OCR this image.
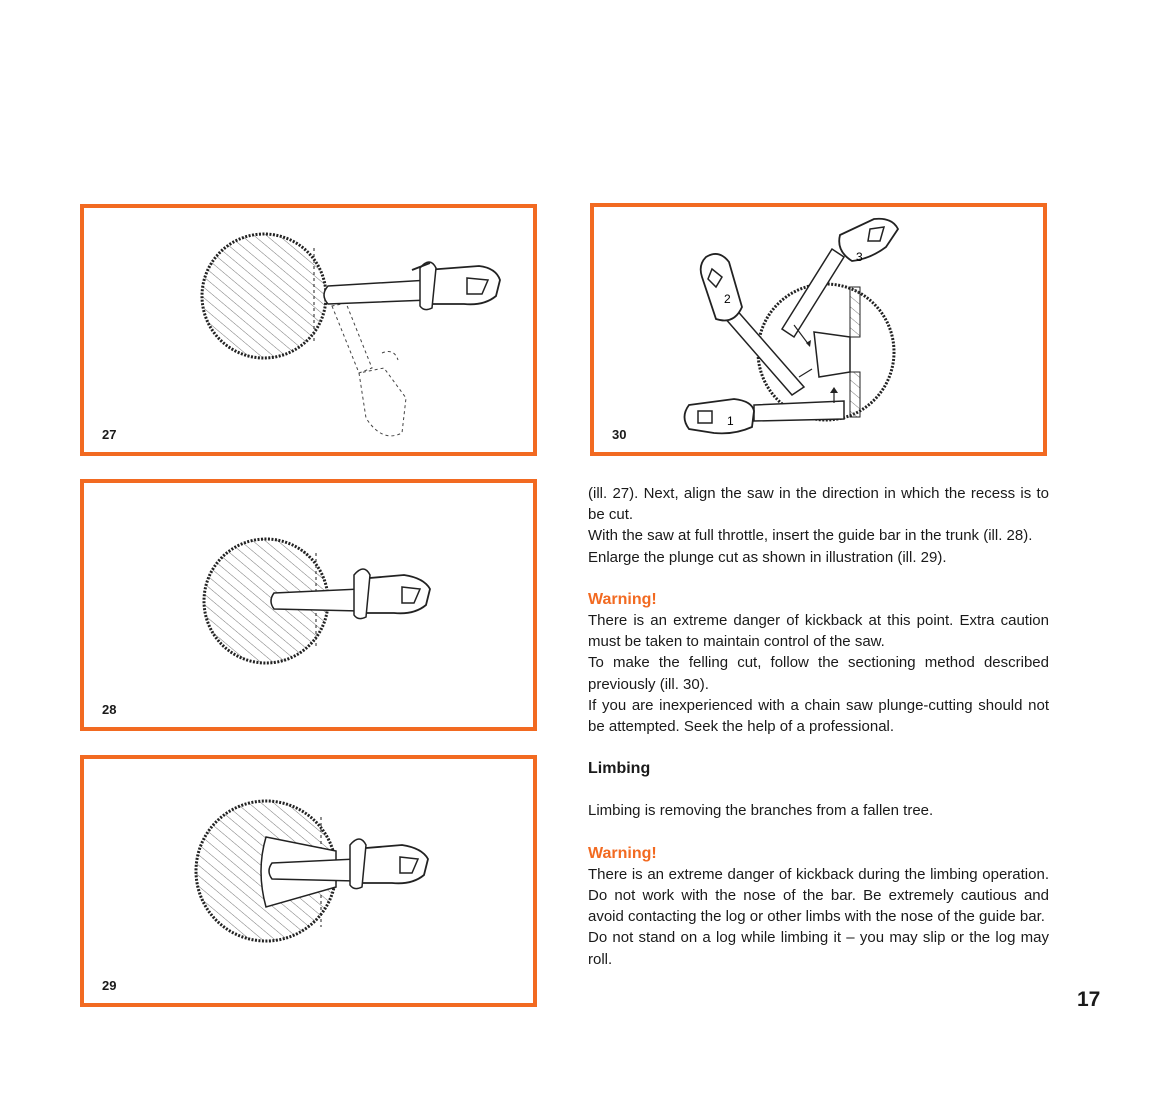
27
28
29
1
2
3
30

(ill. 27). Next, align the saw in the direction in which the recess is to be cut.

With the saw at full throttle, insert the guide bar in the trunk (ill. 28).

Enlarge the plunge cut as shown in illustration (ill. 29).

Warning!

There is an extreme danger of kickback at this point. Extra caution must be taken to maintain control of the saw.

To make the felling cut, follow the sectioning method described previously (ill. 30).

If you are inexperienced with a chain saw plunge-cutting should not be attempted. Seek the help of a professional.

Limbing

Limbing is removing the branches from a fallen tree.

Warning!

There is an extreme danger of kickback during the limbing operation. Do not work with the nose of the bar. Be extremely cautious and avoid contacting the log or other limbs with the nose of the guide bar.

Do not stand on a log while limbing it – you may slip or the log may roll.

17
